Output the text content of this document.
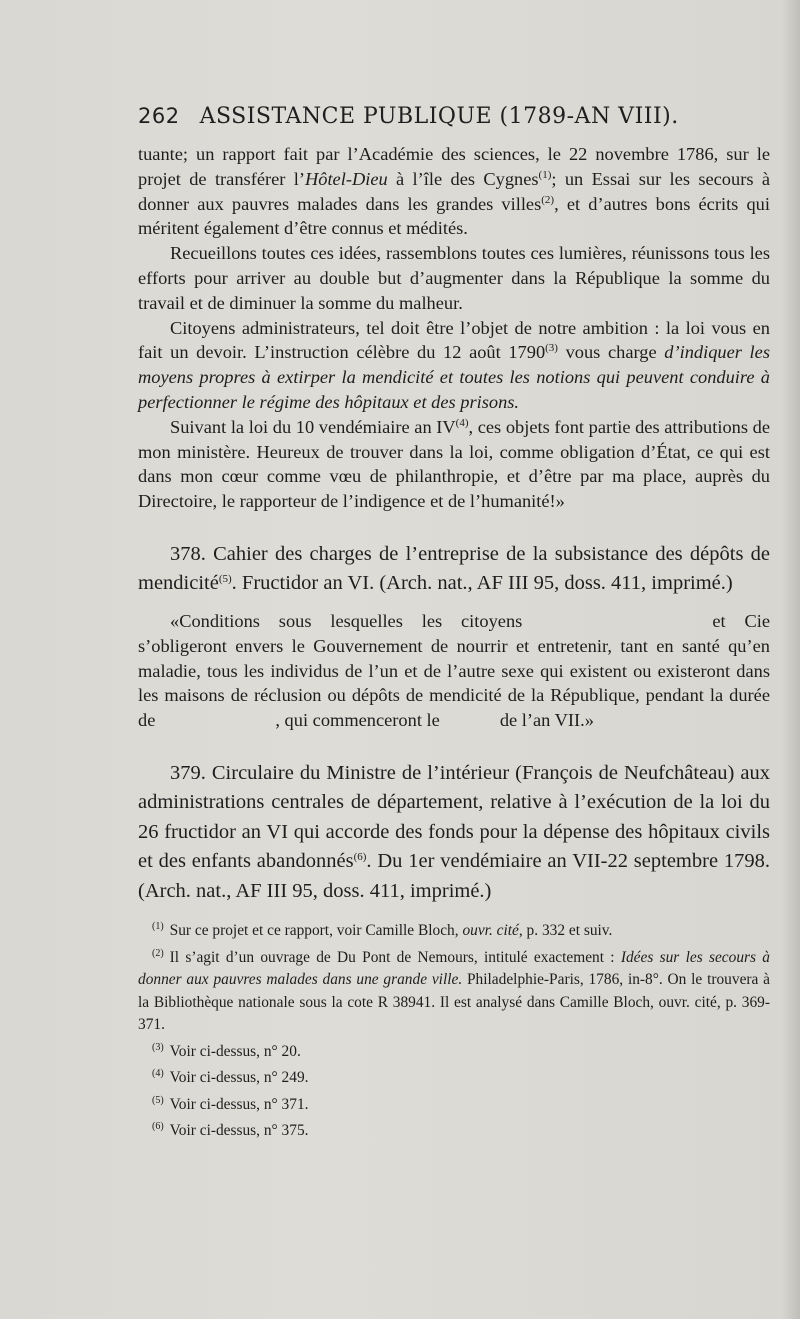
262 ASSISTANCE PUBLIQUE (1789-AN VIII).

tuante; un rapport fait par l’Académie des sciences, le 22 novembre 1786, sur le projet de transférer l’Hôtel-Dieu à l’île des Cygnes$^{(1)}$; un Essai sur les secours à donner aux pauvres malades dans les grandes villes$^{(2)}$, et d’autres bons écrits qui méritent également d’être connus et médités.

Recueillons toutes ces idées, rassemblons toutes ces lumières, réunissons tous les efforts pour arriver au double but d’augmenter dans la République la somme du travail et de diminuer la somme du malheur.

Citoyens administrateurs, tel doit être l’objet de notre ambition : la loi vous en fait un devoir. L’instruction célèbre du 12 août 1790$^{(3)}$ vous charge d’indiquer les moyens propres à extirper la mendicité et toutes les notions qui peuvent conduire à perfectionner le régime des hôpitaux et des prisons.

Suivant la loi du 10 vendémiaire an IV$^{(4)}$, ces objets font partie des attributions de mon ministère. Heureux de trouver dans la loi, comme obligation d’État, ce qui est dans mon cœur comme vœu de philanthropie, et d’être par ma place, auprès du Directoire, le rapporteur de l’indigence et de l’humanité!»

378. Cahier des charges de l’entreprise de la subsistance des dépôts de mendicité$^{(5)}$. Fructidor an VI. (Arch. nat., AF III 95, doss. 411, imprimé.)

«Conditions sous lesquelles les citoyens	et Cie s’obligeront envers le Gouvernement de nourrir et entretenir, tant en santé qu’en maladie, tous les individus de l’un et de l’autre sexe qui existent ou existeront dans les maisons de réclusion ou dépôts de mendicité de la République, pendant la durée de	, qui commenceront le	de l’an VII.»

379. Circulaire du Ministre de l’intérieur (François de Neufchâteau) aux administrations centrales de département, relative à l’exécution de la loi du 26 fructidor an VI qui accorde des fonds pour la dépense des hôpitaux civils et des enfants abandonnés$^{(6)}$. Du 1er vendémiaire an VII-22 septembre 1798. (Arch. nat., AF III 95, doss. 411, imprimé.)

$^{(1)}$ Sur ce projet et ce rapport, voir Camille Bloch, ouvr. cité, p. 332 et suiv.

$^{(2)}$ Il s’agit d’un ouvrage de Du Pont de Nemours, intitulé exactement : Idées sur les secours à donner aux pauvres malades dans une grande ville. Philadelphie-Paris, 1786, in-8°. On le trouvera à la Bibliothèque nationale sous la cote R 38941. Il est analysé dans Camille Bloch, ouvr. cité, p. 369-371.

$^{(3)}$ Voir ci-dessus, n° 20.

$^{(4)}$ Voir ci-dessus, n° 249.

$^{(5)}$ Voir ci-dessus, n° 371.

$^{(6)}$ Voir ci-dessus, n° 375.
